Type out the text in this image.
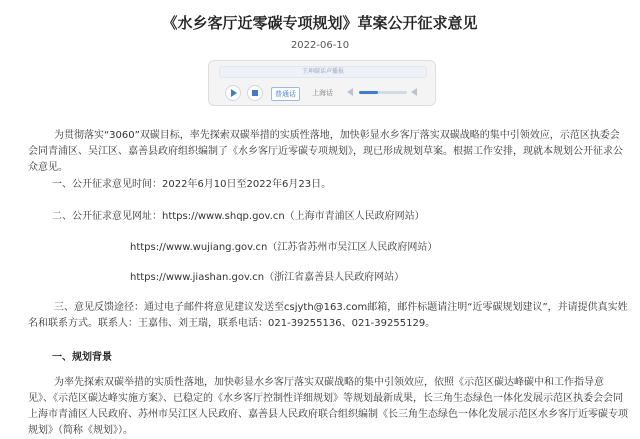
《水乡客厅近零碳专项规划》草案公开征求意见
2022-06-10
王坤碳话声播报
普通话	上海话

为贯彻落实“3060”双碳目标，率先探索双碳举措的实质性落地，加快彰显水乡客厅落实双碳战略的集中引领效应，示范区执委会会同青浦区、吴江区、嘉善县政府组织编制了《水乡客厅近零碳专项规划》，现已形成规划草案。根据工作安排，现就本规划公开征求公众意见。

一、公开征求意见时间：2022年6月10日至2022年6月23日。

二、公开征求意见网址：https://www.shqp.gov.cn（上海市青浦区人民政府网站）

https://www.wujiang.gov.cn（江苏省苏州市吴江区人民政府网站）

https://www.jiashan.gov.cn（浙江省嘉善县人民政府网站）

三、意见反馈途径：通过电子邮件将意见建议发送至csjyth@163.com邮箱，邮件标题请注明“近零碳规划建议”，并请提供真实姓名和联系方式。联系人：王嘉伟、刘王瑞，联系电话：021-39255136、021-39255129。

一、规划背景

为率先探索双碳举措的实质性落地，加快彰显水乡客厅落实双碳战略的集中引领效应，依照《示范区碳达峰碳中和工作指导意见》、《示范区碳达峰实施方案》、已稳定的《水乡客厅控制性详细规划》等规划最新成果，长三角生态绿色一体化发展示范区执委会会同上海市青浦区人民政府、苏州市吴江区人民政府、嘉善县人民政府联合组织编制《长三角生态绿色一体化发展示范区水乡客厅近零碳专项规划》（简称《规划》）。
